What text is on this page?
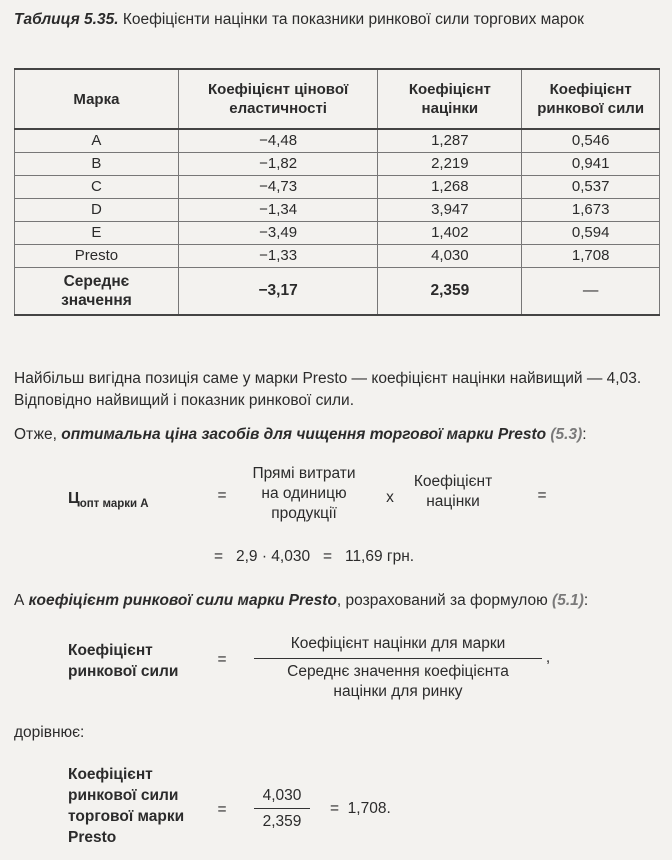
Таблиця 5.35. Коефіцієнти націнки та показники ринкової сили торгових марок
Марка	Коефіцієнт цінової еластичності	Коефіцієнт націнки	Коефіцієнт ринкової сили
A	−4,48	1,287	0,546
B	−1,82	2,219	0,941
C	−4,73	1,268	0,537
D	−1,34	3,947	1,673
E	−3,49	1,402	0,594
Presto	−1,33	4,030	1,708
Середнє значення	−3,17	2,359	—
Найбільш вигідна позиція саме у марки Presto — коефіцієнт націнки найвищий — 4,03. Відповідно найвищий і показник ринкової сили.
Отже, оптимальна ціна засобів для чищення торгової марки Presto (5.3):
$Ц_{опт марки A}$
=
Прямі витрати на одиницю продукції
x
Коефіцієнт націнки	=
=   2,9 · 4,030   =   11,69 грн.
А коефіцієнт ринкової сили марки Presto, розрахований за формулою (5.1):
Коефіцієнт ринкової сили
=
Коефіцієнт націнки для марки
Середнє значення коефіцієнта націнки для ринку
,
дорівнює:
Коефіцієнт ринкової сили торгової марки Presto
=
4,030
2,359
=  1,708.
